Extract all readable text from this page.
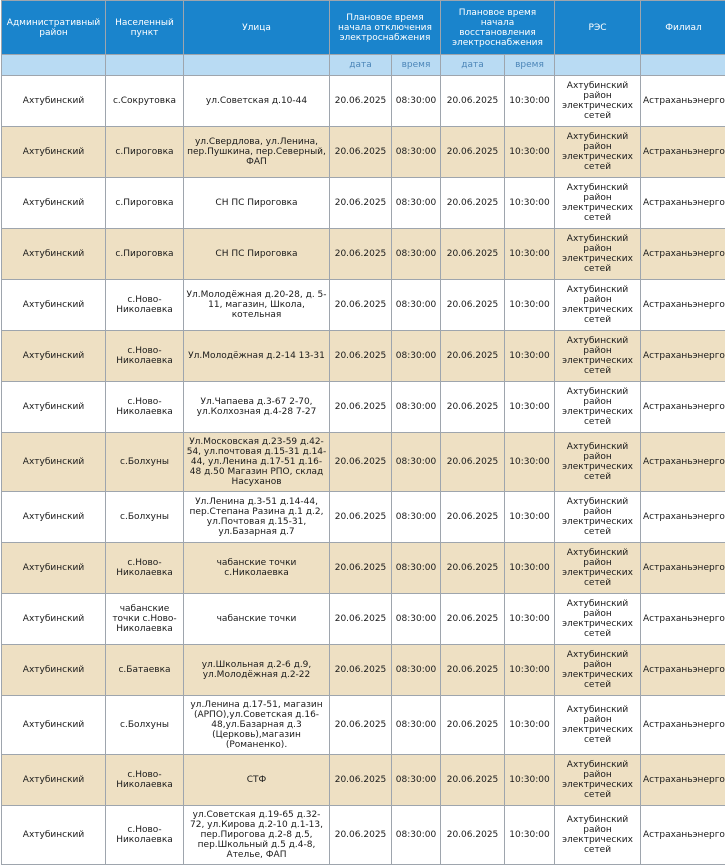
Административный район	Населенный пункт	Улица	Плановое время начала отключения электроснабжения		Плановое время начала восстановления электроснабжения		РЭС	Филиал
			дата	время	дата	время		
Ахтубинский	с.Сокрутовка	ул.Советская д.10-44	20.06.2025	08:30:00	20.06.2025	10:30:00	Ахтубинский район электрических сетей	Астраханьэнерго
Ахтубинский	с.Пироговка	ул.Свердлова, ул.Ленина, пер.Пушкина, пер.Северный, ФАП	20.06.2025	08:30:00	20.06.2025	10:30:00	Ахтубинский район электрических сетей	Астраханьэнерго
Ахтубинский	с.Пироговка	СН ПС Пироговка	20.06.2025	08:30:00	20.06.2025	10:30:00	Ахтубинский район электрических сетей	Астраханьэнерго
Ахтубинский	с.Пироговка	СН ПС Пироговка	20.06.2025	08:30:00	20.06.2025	10:30:00	Ахтубинский район электрических сетей	Астраханьэнерго
Ахтубинский	с.Ново-Николаевка	Ул.Молодёжная д.20-28, д. 5-11, магазин, Школа, котельная	20.06.2025	08:30:00	20.06.2025	10:30:00	Ахтубинский район электрических сетей	Астраханьэнерго
Ахтубинский	с.Ново-Николаевка	Ул.Молодёжная д.2-14 13-31	20.06.2025	08:30:00	20.06.2025	10:30:00	Ахтубинский район электрических сетей	Астраханьэнерго
Ахтубинский	с.Ново-Николаевка	Ул.Чапаева д.3-67 2-70, ул.Колхозная д.4-28 7-27	20.06.2025	08:30:00	20.06.2025	10:30:00	Ахтубинский район электрических сетей	Астраханьэнерго
Ахтубинский	с.Болхуны	Ул.Московская д.23-59 д.42-54, ул.почтовая д.15-31 д.14-44, ул.Ленина д.17-51 д.16-48 д.50 Магазин РПО, склад Насуханов	20.06.2025	08:30:00	20.06.2025	10:30:00	Ахтубинский район электрических сетей	Астраханьэнерго
Ахтубинский	с.Болхуны	Ул.Ленина д.3-51 д.14-44, пер.Степана Разина д.1 д.2, ул.Почтовая д.15-31, ул.Базарная д.7	20.06.2025	08:30:00	20.06.2025	10:30:00	Ахтубинский район электрических сетей	Астраханьэнерго
Ахтубинский	с.Ново-Николаевка	чабанские точки с.Николаевка	20.06.2025	08:30:00	20.06.2025	10:30:00	Ахтубинский район электрических сетей	Астраханьэнерго
Ахтубинский	чабанские точки с.Ново-Николаевка	чабанские точки	20.06.2025	08:30:00	20.06.2025	10:30:00	Ахтубинский район электрических сетей	Астраханьэнерго
Ахтубинский	с.Батаевка	ул.Школьная д.2-6 д.9, ул.Молодёжная д.2-22	20.06.2025	08:30:00	20.06.2025	10:30:00	Ахтубинский район электрических сетей	Астраханьэнерго
Ахтубинский	с.Болхуны	ул.Ленина д.17-51, магазин (АРПО),ул.Советская д.16-48,ул.Базарная д.3 (Церковь),магазин (Романенко).	20.06.2025	08:30:00	20.06.2025	10:30:00	Ахтубинский район электрических сетей	Астраханьэнерго
Ахтубинский	с.Ново-Николаевка	СТФ	20.06.2025	08:30:00	20.06.2025	10:30:00	Ахтубинский район электрических сетей	Астраханьэнерго
Ахтубинский	с.Ново-Николаевка	ул.Советская д.19-65 д.32-72, ул.Кирова д.2-10 д.1-13, пер.Пирогова д.2-8 д.5, пер.Школьный д.5 д.4-8, Ателье, ФАП	20.06.2025	08:30:00	20.06.2025	10:30:00	Ахтубинский район электрических сетей	Астраханьэнерго
